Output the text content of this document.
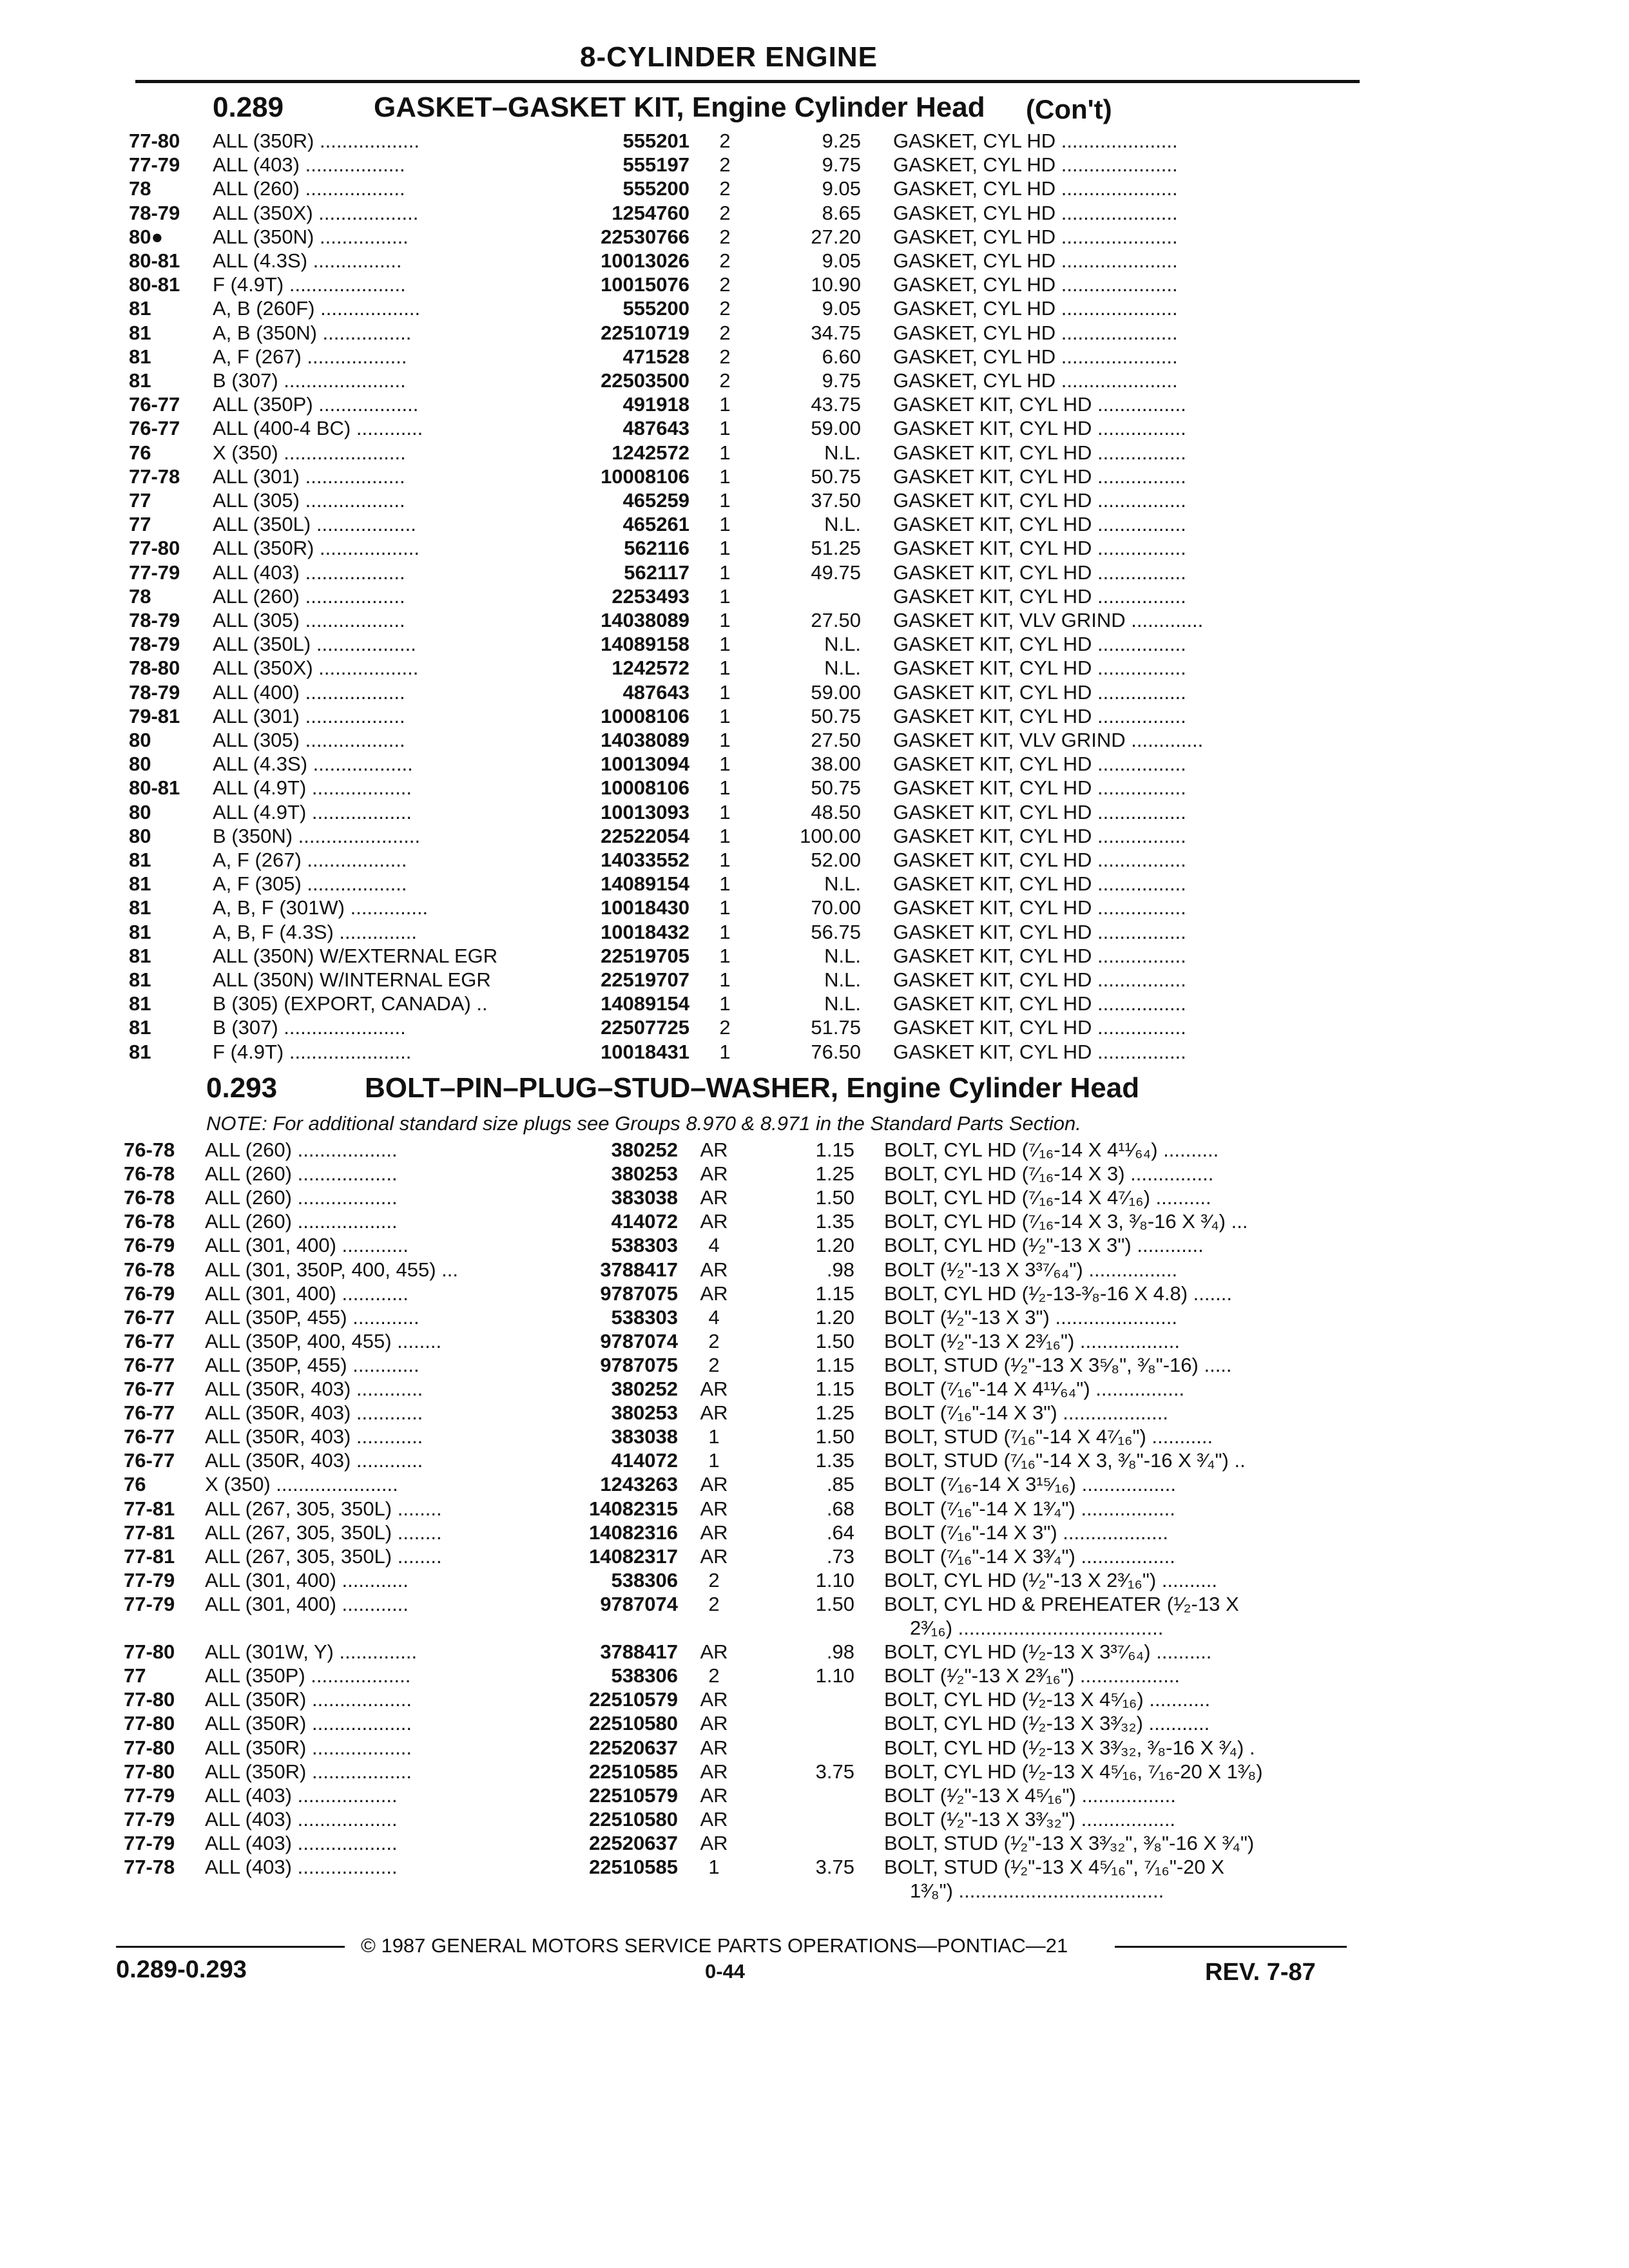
8-CYLINDER ENGINE
0.289	GASKET–GASKET KIT, Engine Cylinder Head (Con't)
0.293	BOLT–PIN–PLUG–STUD–WASHER, Engine Cylinder Head
NOTE: For additional standard size plugs see Groups 8.970 & 8.971 in the Standard Parts Section.
77-80	ALL (350R) ..................	555201 2	9.25 GASKET, CYL HD .....................
77-79	ALL (403) ..................	555197 2	9.75 GASKET, CYL HD .....................
78	ALL (260) ..................	555200 2	9.05 GASKET, CYL HD .....................
78-79	ALL (350X) ..................	1254760 2	8.65 GASKET, CYL HD .....................
80●	ALL (350N) ................	22530766 2	27.20 GASKET, CYL HD .....................
80-81	ALL (4.3S) ................	10013026 2	9.05 GASKET, CYL HD .....................
80-81	F (4.9T) .....................	10015076 2	10.90 GASKET, CYL HD .....................
81	A, B (260F) ..................	555200 2	9.05 GASKET, CYL HD .....................
81	A, B (350N) ................	22510719 2	34.75 GASKET, CYL HD .....................
81	A, F (267) ..................	471528 2	6.60 GASKET, CYL HD .....................
81	B (307) ......................	22503500 2	9.75 GASKET, CYL HD .....................
76-77	ALL (350P) ..................	491918 1	43.75 GASKET KIT, CYL HD ................
76-77	ALL (400-4 BC) ............	487643 1	59.00 GASKET KIT, CYL HD ................
76	X (350) ......................	1242572 1	N.L. GASKET KIT, CYL HD ................
77-78	ALL (301) ..................	10008106 1	50.75 GASKET KIT, CYL HD ................
77	ALL (305) ..................	465259 1	37.50 GASKET KIT, CYL HD ................
77	ALL (350L) ..................	465261 1	N.L. GASKET KIT, CYL HD ................
77-80	ALL (350R) ..................	562116 1	51.25 GASKET KIT, CYL HD ................
77-79	ALL (403) ..................	562117 1	49.75 GASKET KIT, CYL HD ................
78	ALL (260) ..................	2253493 1	GASKET KIT, CYL HD ................
78-79	ALL (305) ..................	14038089 1	27.50 GASKET KIT, VLV GRIND .............
78-79	ALL (350L) ..................	14089158 1	N.L. GASKET KIT, CYL HD ................
78-80	ALL (350X) ..................	1242572 1	N.L. GASKET KIT, CYL HD ................
78-79	ALL (400) ..................	487643 1	59.00 GASKET KIT, CYL HD ................
79-81	ALL (301) ..................	10008106 1	50.75 GASKET KIT, CYL HD ................
80	ALL (305) ..................	14038089 1	27.50 GASKET KIT, VLV GRIND .............
80	ALL (4.3S) ..................	10013094 1	38.00 GASKET KIT, CYL HD ................
80-81	ALL (4.9T) ..................	10008106 1	50.75 GASKET KIT, CYL HD ................
80	ALL (4.9T) ..................	10013093 1	48.50 GASKET KIT, CYL HD ................
80	B (350N) ......................	22522054 1	100.00 GASKET KIT, CYL HD ................
81	A, F (267) ..................	14033552 1	52.00 GASKET KIT, CYL HD ................
81	A, F (305) ..................	14089154 1	N.L. GASKET KIT, CYL HD ................
81	A, B, F (301W) ..............	10018430 1	70.00 GASKET KIT, CYL HD ................
81	A, B, F (4.3S) ..............	10018432 1	56.75 GASKET KIT, CYL HD ................
81	ALL (350N) W/EXTERNAL EGR	22519705 1	N.L. GASKET KIT, CYL HD ................
81	ALL (350N) W/INTERNAL EGR	22519707 1	N.L. GASKET KIT, CYL HD ................
81	B (305) (EXPORT, CANADA) ..	14089154 1	N.L. GASKET KIT, CYL HD ................
81	B (307) ......................	22507725 2	51.75 GASKET KIT, CYL HD ................
81	F (4.9T) ......................	10018431 1	76.50 GASKET KIT, CYL HD ................
76-78	ALL (260) ..................	380252 AR	1.15 BOLT, CYL HD (⁷⁄₁₆-14 X 4¹¹⁄₆₄) ..........
76-78	ALL (260) ..................	380253 AR	1.25 BOLT, CYL HD (⁷⁄₁₆-14 X 3) ...............
76-78	ALL (260) ..................	383038 AR	1.50 BOLT, CYL HD (⁷⁄₁₆-14 X 4⁷⁄₁₆) ..........
76-78	ALL (260) ..................	414072 AR	1.35 BOLT, CYL HD (⁷⁄₁₆-14 X 3, ³⁄₈-16 X ³⁄₄) ...
76-79	ALL (301, 400) ............	538303	4	1.20 BOLT, CYL HD (¹⁄₂"-13 X 3") ............
76-78	ALL (301, 350P, 400, 455) ...	3788417 AR	.98 BOLT (¹⁄₂"-13 X 3³⁷⁄₆₄") ................
76-79	ALL (301, 400) ............	9787075 AR	1.15 BOLT, CYL HD (¹⁄₂-13-³⁄₈-16 X 4.8) .......
76-77	ALL (350P, 455) ............	538303	4	1.20 BOLT (¹⁄₂"-13 X 3") ......................
76-77	ALL (350P, 400, 455) ........	9787074	2	1.50 BOLT (¹⁄₂"-13 X 2³⁄₁₆") ..................
76-77	ALL (350P, 455) ............	9787075	2	1.15 BOLT, STUD (¹⁄₂"-13 X 3⁵⁄₈", ³⁄₈"-16) .....
76-77	ALL (350R, 403) ............	380252 AR	1.15 BOLT (⁷⁄₁₆"-14 X 4¹¹⁄₆₄") ................
76-77	ALL (350R, 403) ............	380253 AR	1.25 BOLT (⁷⁄₁₆"-14 X 3") ...................
76-77	ALL (350R, 403) ............	383038	1	1.50 BOLT, STUD (⁷⁄₁₆"-14 X 4⁷⁄₁₆") ...........
76-77	ALL (350R, 403) ............	414072	1	1.35 BOLT, STUD (⁷⁄₁₆"-14 X 3, ³⁄₈"-16 X ³⁄₄") ..
76	X (350) ......................	1243263 AR	.85 BOLT (⁷⁄₁₆-14 X 3¹⁵⁄₁₆) .................
77-81	ALL (267, 305, 350L) ........	14082315 AR	.68 BOLT (⁷⁄₁₆"-14 X 1³⁄₄") .................
77-81	ALL (267, 305, 350L) ........	14082316 AR	.64 BOLT (⁷⁄₁₆"-14 X 3") ...................
77-81	ALL (267, 305, 350L) ........	14082317 AR	.73 BOLT (⁷⁄₁₆"-14 X 3³⁄₄") .................
77-79	ALL (301, 400) ............	538306	2	1.10 BOLT, CYL HD (¹⁄₂"-13 X 2³⁄₁₆") ..........
77-79	ALL (301, 400) ............	9787074	2	1.50 BOLT, CYL HD & PREHEATER (¹⁄₂-13 X
2³⁄₁₆) .....................................
77-80	ALL (301W, Y) ..............	3788417 AR	.98 BOLT, CYL HD (¹⁄₂-13 X 3³⁷⁄₆₄) ..........
77	ALL (350P) ..................	538306	2	1.10 BOLT (¹⁄₂"-13 X 2³⁄₁₆") ..................
77-80	ALL (350R) ..................	22510579 AR	BOLT, CYL HD (¹⁄₂-13 X 4⁵⁄₁₆) ...........
77-80	ALL (350R) ..................	22510580 AR	BOLT, CYL HD (¹⁄₂-13 X 3³⁄₃₂) ...........
77-80	ALL (350R) ..................	22520637 AR	BOLT, CYL HD (¹⁄₂-13 X 3³⁄₃₂, ³⁄₈-16 X ³⁄₄) .
77-80	ALL (350R) ..................	22510585 AR	3.75 BOLT, CYL HD (¹⁄₂-13 X 4⁵⁄₁₆, ⁷⁄₁₆-20 X 1³⁄₈)
77-79	ALL (403) ..................	22510579 AR	BOLT (¹⁄₂"-13 X 4⁵⁄₁₆") .................
77-79	ALL (403) ..................	22510580 AR	BOLT (¹⁄₂"-13 X 3³⁄₃₂") .................
77-79	ALL (403) ..................	22520637 AR	BOLT, STUD (¹⁄₂"-13 X 3³⁄₃₂", ³⁄₈"-16 X ³⁄₄")
77-78	ALL (403) ..................	22510585	1	3.75 BOLT, STUD (¹⁄₂"-13 X 4⁵⁄₁₆", ⁷⁄₁₆"-20 X
1³⁄₈") .....................................
© 1987 GENERAL MOTORS SERVICE PARTS OPERATIONS—PONTIAC—21
0.289-0.293	0-44	REV. 7-87
